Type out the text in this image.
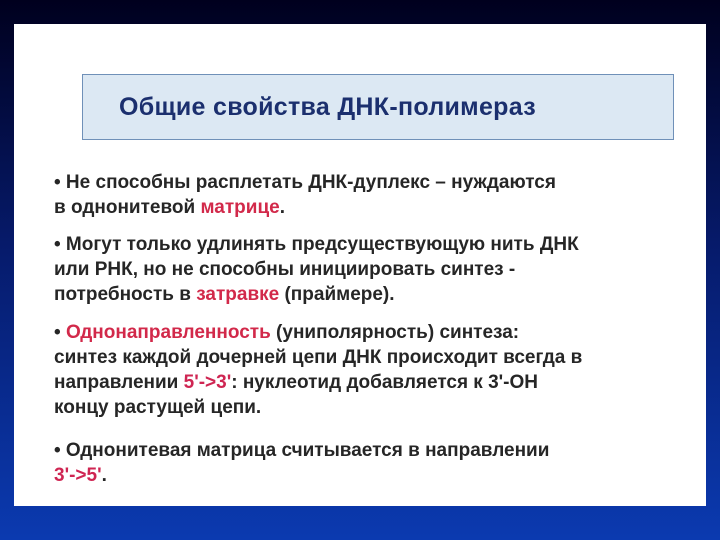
Общие свойства ДНК-полимераз
• Не способны расплетать ДНК-дуплекс – нуждаются
в однонитевой матрице.
• Могут только удлинять предсуществующую нить ДНК
или РНК, но не способны инициировать синтез -
потребность в затравке (праймере).
• Однонаправленность (униполярность) синтеза:
синтез каждой дочерней цепи ДНК происходит всегда в
направлении 5'->3': нуклеотид добавляется к 3'-ОН
концу растущей цепи.
• Однонитевая матрица считывается в направлении
3'->5'.
